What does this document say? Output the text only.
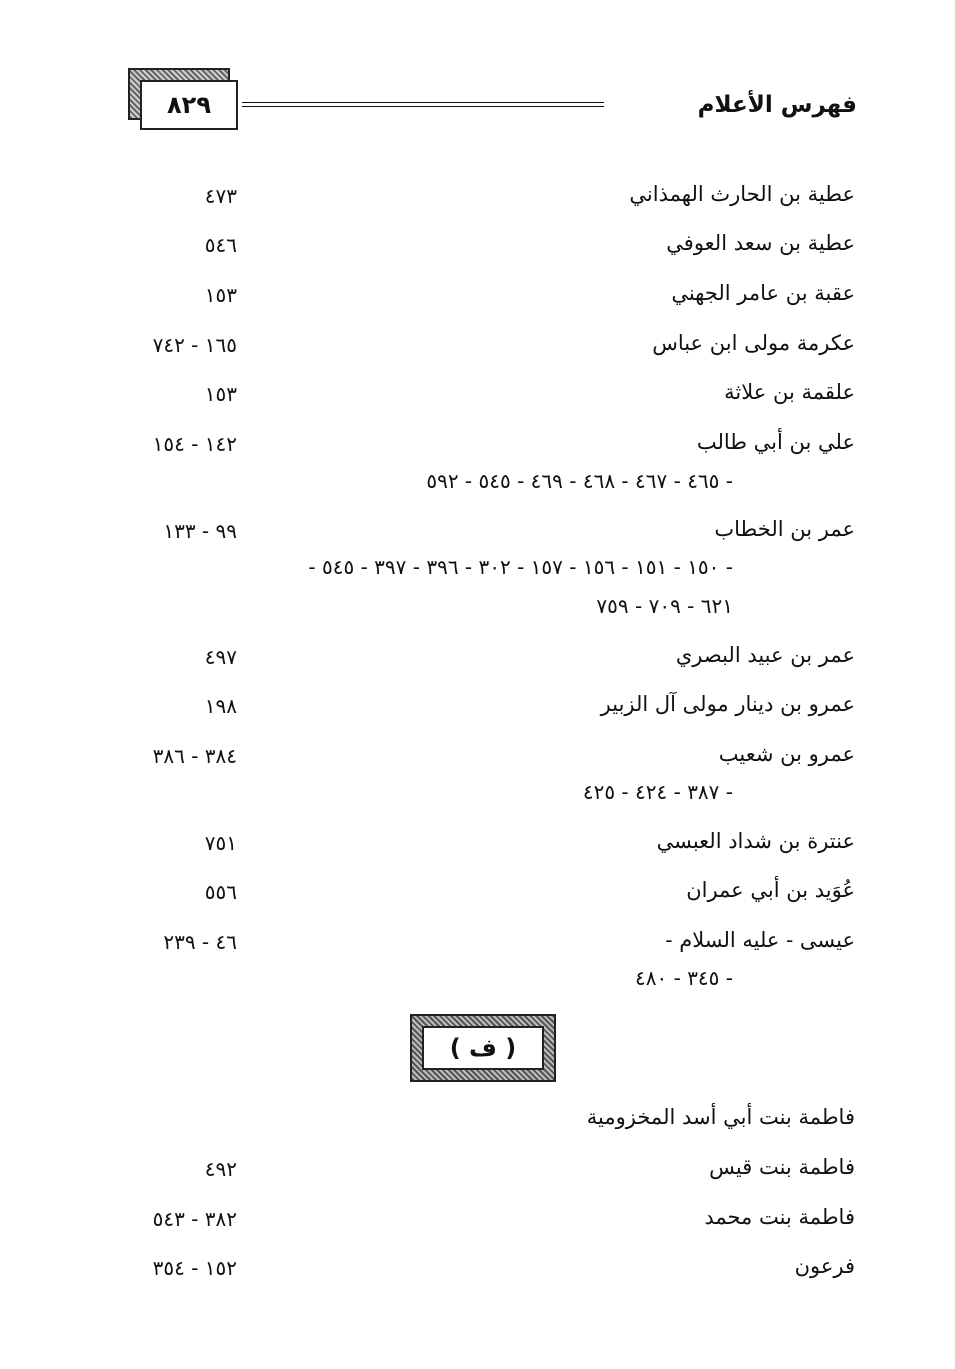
٨٢٩	فهرس الأعلام
عطية بن الحارث الهمذاني
٤٧٣
عطية بن سعد العوفي
٥٤٦
عقبة بن عامر الجهني
١٥٣
عكرمة مولى ابن عباس
١٦٥ - ٧٤٢
علقمة بن علاثة
١٥٣
علي بن أبي طالب
١٤٢ - ١٥٤
- ٤٦٥ - ٤٦٧ - ٤٦٨ - ٤٦٩ - ٥٤٥ - ٥٩٢
عمر بن الخطاب
٩٩ - ١٣٣
- ١٥٠ - ١٥١ - ١٥٦ - ١٥٧ - ٣٠٢ - ٣٩٦ - ٣٩٧ - ٥٤٥ -
٦٢١ - ٧٠٩ - ٧٥٩
عمر بن عبيد البصري
٤٩٧
عمرو بن دينار مولى آل الزبير
١٩٨
عمرو بن شعيب
٣٨٤ - ٣٨٦
- ٣٨٧ - ٤٢٤ - ٤٢٥
عنترة بن شداد العبسي
٧٥١
عُوَيد بن أبي عمران
٥٥٦
عيسى - عليه السلام -
٤٦ - ٢٣٩
- ٣٤٥ - ٤٨٠
( ف )
فاطمة بنت أبي أسد المخزومية
فاطمة بنت قيس
٤٩٢
فاطمة بنت محمد
٣٨٢ - ٥٤٣
فرعون
١٥٢ - ٣٥٤
